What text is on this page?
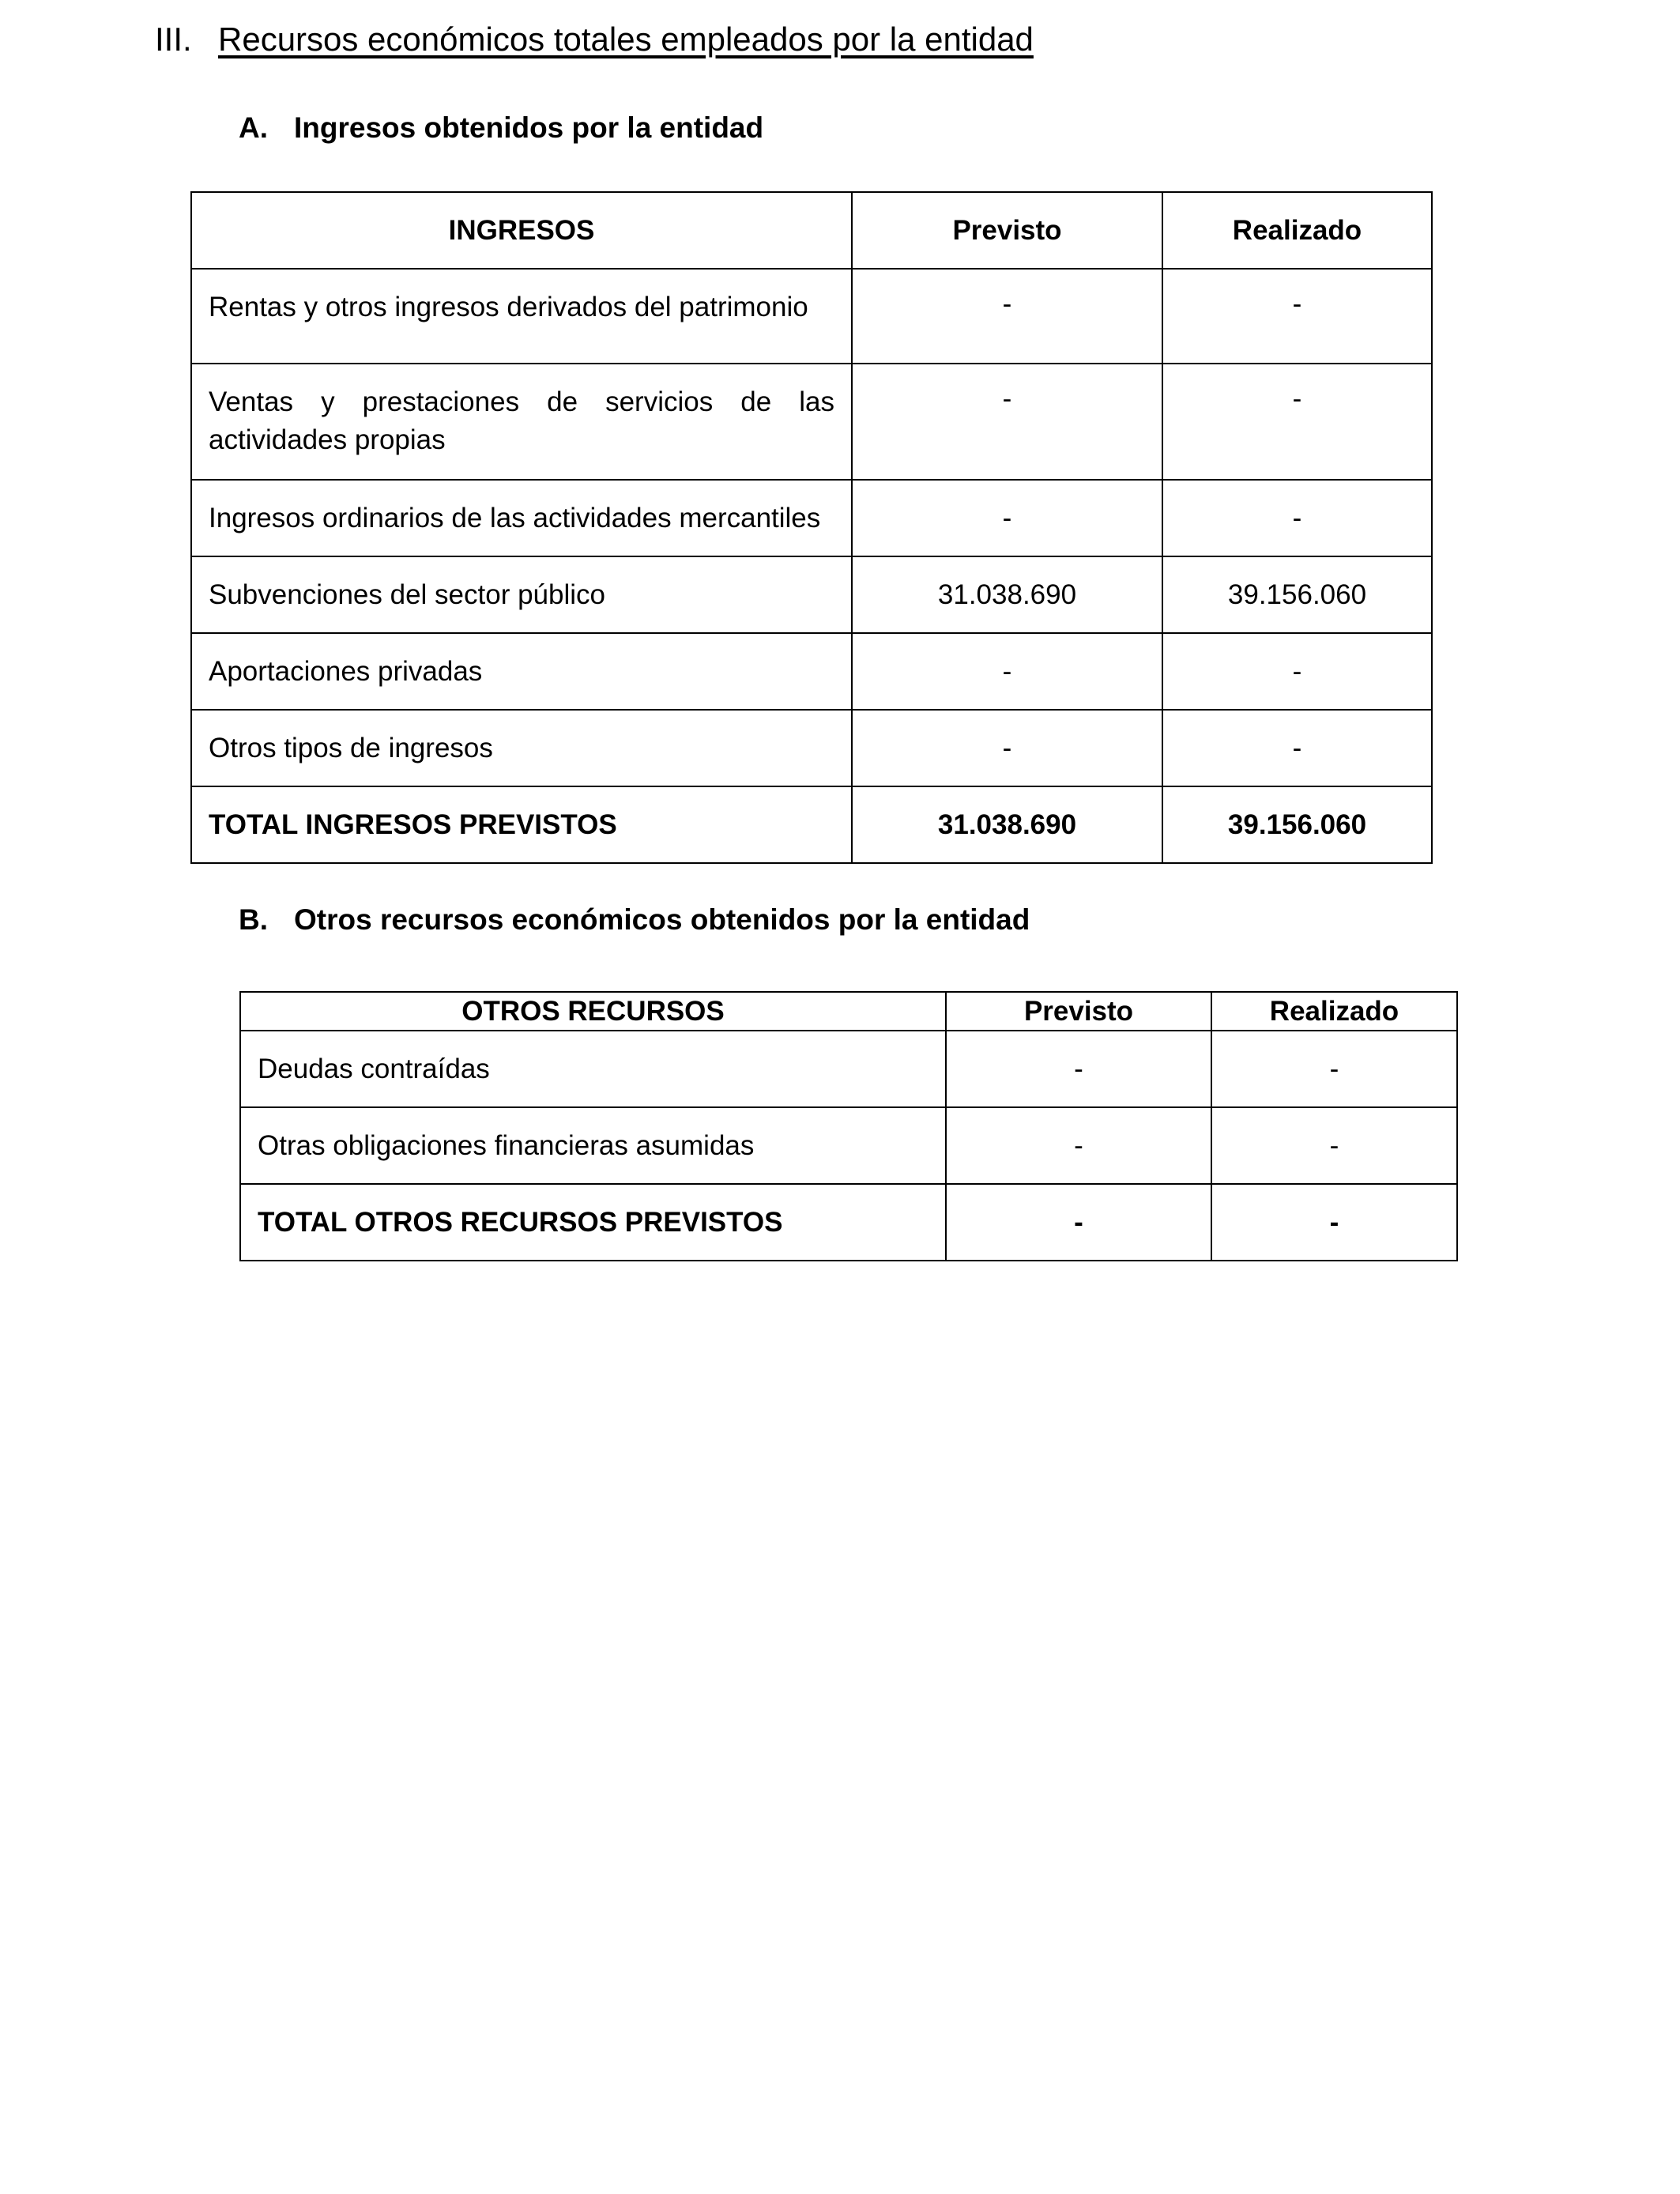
III. Recursos económicos totales empleados por la entidad
A. Ingresos obtenidos por la entidad
INGRESOS	Previsto	Realizado
Rentas y otros ingresos derivados del patrimonio	-	-
Ventas y prestaciones de servicios de las actividades propias	-	-
Ingresos ordinarios de las actividades mercantiles	-	-
Subvenciones del sector público	31.038.690	39.156.060
Aportaciones privadas	-	-
Otros tipos de ingresos	-	-
TOTAL INGRESOS PREVISTOS	31.038.690	39.156.060
B. Otros recursos económicos obtenidos por la entidad
OTROS RECURSOS	Previsto	Realizado
Deudas contraídas	-	-
Otras obligaciones financieras asumidas	-	-
TOTAL OTROS RECURSOS PREVISTOS	-	-
